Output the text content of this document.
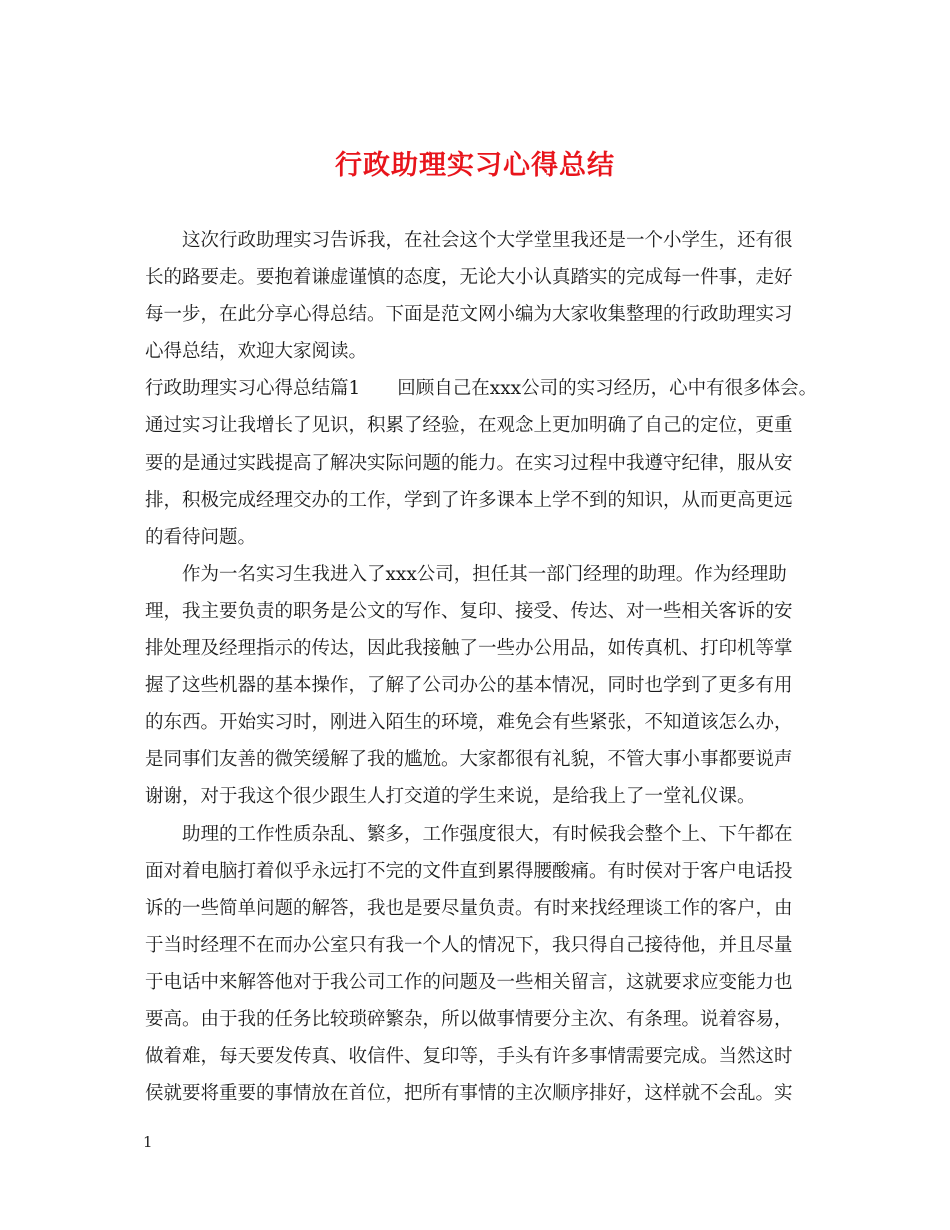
行政助理实习心得总结
这次行政助理实习告诉我，在社会这个大学堂里我还是一个小学生，还有很
长的路要走。要抱着谦虚谨慎的态度，无论大小认真踏实的完成每一件事，走好
每一步，在此分享心得总结。下面是范文网小编为大家收集整理的行政助理实习
心得总结，欢迎大家阅读。
行政助理实习心得总结篇1　　回顾自己在xxx公司的实习经历，心中有很多体会。
通过实习让我增长了见识，积累了经验，在观念上更加明确了自己的定位，更重
要的是通过实践提高了解决实际问题的能力。在实习过程中我遵守纪律，服从安
排，积极完成经理交办的工作，学到了许多课本上学不到的知识，从而更高更远
的看待问题。
作为一名实习生我进入了xxx公司，担任其一部门经理的助理。作为经理助
理，我主要负责的职务是公文的写作、复印、接受、传达、对一些相关客诉的安
排处理及经理指示的传达，因此我接触了一些办公用品，如传真机、打印机等掌
握了这些机器的基本操作，了解了公司办公的基本情况，同时也学到了更多有用
的东西。开始实习时，刚进入陌生的环境，难免会有些紧张，不知道该怎么办，
是同事们友善的微笑缓解了我的尴尬。大家都很有礼貌，不管大事小事都要说声
谢谢，对于我这个很少跟生人打交道的学生来说，是给我上了一堂礼仪课。
助理的工作性质杂乱、繁多，工作强度很大，有时候我会整个上、下午都在
面对着电脑打着似乎永远打不完的文件直到累得腰酸痛。有时侯对于客户电话投
诉的一些简单问题的解答，我也是要尽量负责。有时来找经理谈工作的客户，由
于当时经理不在而办公室只有我一个人的情况下，我只得自己接待他，并且尽量
于电话中来解答他对于我公司工作的问题及一些相关留言，这就要求应变能力也
要高。由于我的任务比较琐碎繁杂，所以做事情要分主次、有条理。说着容易，
做着难，每天要发传真、收信件、复印等，手头有许多事情需要完成。当然这时
侯就要将重要的事情放在首位，把所有事情的主次顺序排好，这样就不会乱。实
1
